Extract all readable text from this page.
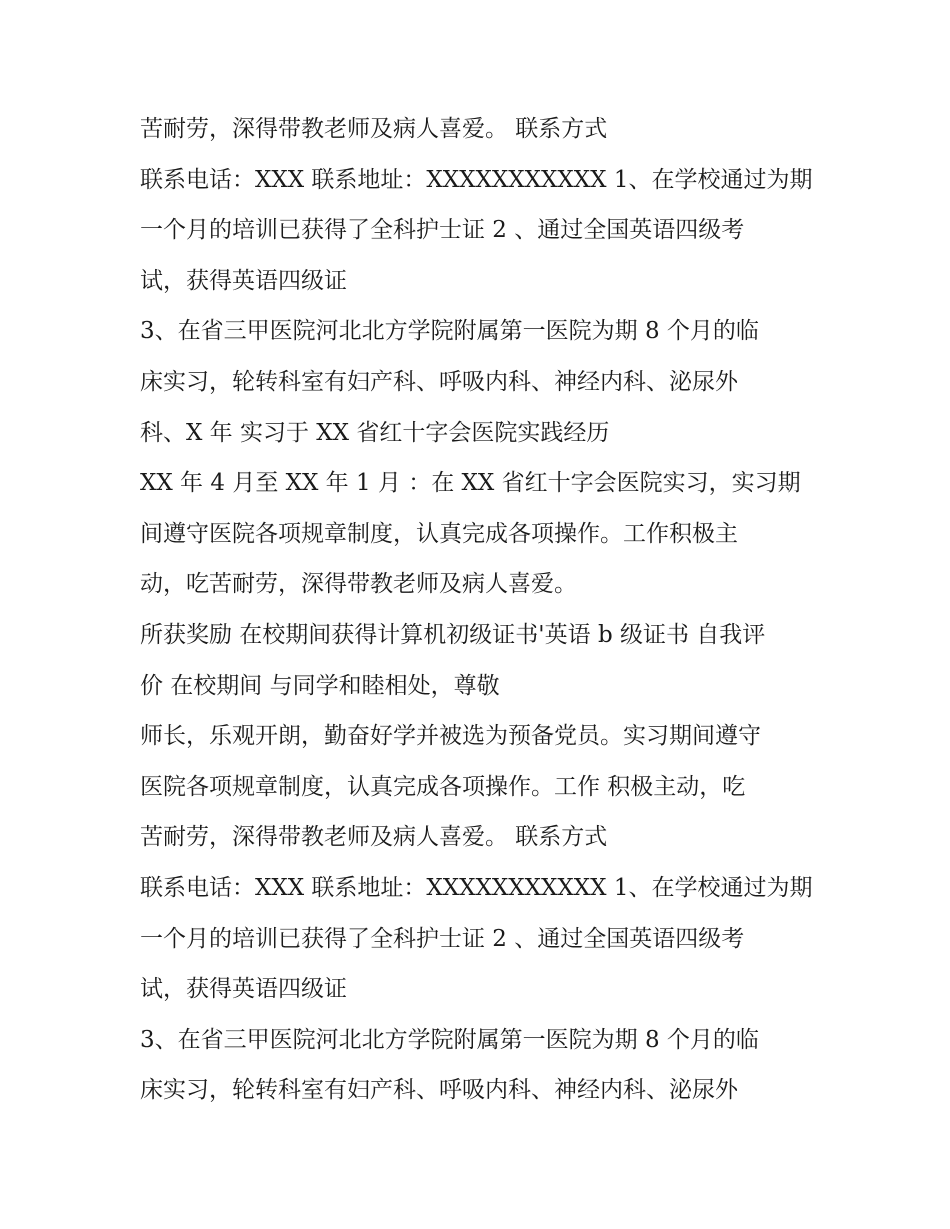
苦耐劳，深得带教老师及病人喜爱。 联系方式
联系电话：XXX 联系地址：XXXXXXXXXXX 1、在学校通过为期
一个月的培训已获得了全科护士证 2 、通过全国英语四级考
试，获得英语四级证
3、在省三甲医院河北北方学院附属第一医院为期 8 个月的临
床实习，轮转科室有妇产科、呼吸内科、神经内科、泌尿外
科、X 年 实习于 XX 省红十字会医院实践经历
XX 年 4 月至 XX 年 1 月 ：在 XX 省红十字会医院实习，实习期
间遵守医院各项规章制度，认真完成各项操作。工作积极主
动，吃苦耐劳，深得带教老师及病人喜爱。
所获奖励 在校期间获得计算机初级证书'英语 b 级证书 自我评
价 在校期间 与同学和睦相处，尊敬
师长，乐观开朗，勤奋好学并被选为预备党员。实习期间遵守
医院各项规章制度，认真完成各项操作。工作 积极主动，吃
苦耐劳，深得带教老师及病人喜爱。 联系方式
联系电话：XXX 联系地址：XXXXXXXXXXX 1、在学校通过为期
一个月的培训已获得了全科护士证 2 、通过全国英语四级考
试，获得英语四级证
3、在省三甲医院河北北方学院附属第一医院为期 8 个月的临
床实习，轮转科室有妇产科、呼吸内科、神经内科、泌尿外
